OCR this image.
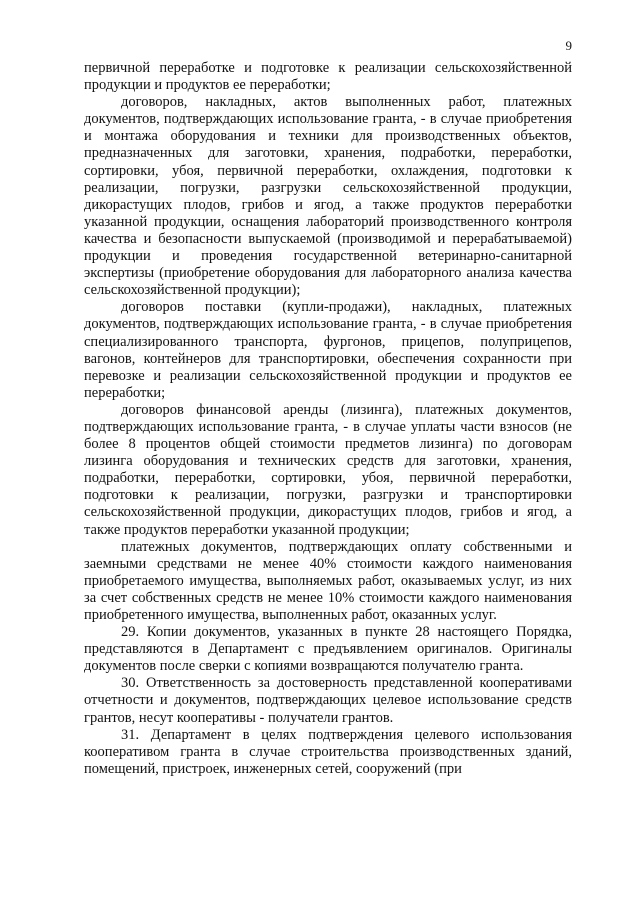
9

первичной переработке и подготовке к реализации сельскохозяйственной продукции и продуктов ее переработки;

договоров, накладных, актов выполненных работ, платежных документов, подтверждающих использование гранта, - в случае приобретения и монтажа оборудования и техники для производственных объектов, предназначенных для заготовки, хранения, подработки, переработки, сортировки, убоя, первичной переработки, охлаждения, подготовки к реализации, погрузки, разгрузки сельскохозяйственной продукции, дикорастущих плодов, грибов и ягод, а также продуктов переработки указанной продукции, оснащения лабораторий производственного контроля качества и безопасности выпускаемой (производимой и перерабатываемой) продукции и проведения государственной ветеринарно-санитарной экспертизы (приобретение оборудования для лабораторного анализа качества сельскохозяйственной продукции);

договоров поставки (купли-продажи), накладных, платежных документов, подтверждающих использование гранта, - в случае приобретения специализированного транспорта, фургонов, прицепов, полуприцепов, вагонов, контейнеров для транспортировки, обеспечения сохранности при перевозке и реализации сельскохозяйственной продукции и продуктов ее переработки;

договоров финансовой аренды (лизинга), платежных документов, подтверждающих использование гранта, - в случае уплаты части взносов (не более 8 процентов общей стоимости предметов лизинга) по договорам лизинга оборудования и технических средств для заготовки, хранения, подработки, переработки, сортировки, убоя, первичной переработки, подготовки к реализации, погрузки, разгрузки и транспортировки сельскохозяйственной продукции, дикорастущих плодов, грибов и ягод, а также продуктов переработки указанной продукции;

платежных документов, подтверждающих оплату собственными и заемными средствами не менее 40% стоимости каждого наименования приобретаемого имущества, выполняемых работ, оказываемых услуг, из них за счет собственных средств не менее 10% стоимости каждого наименования приобретенного имущества, выполненных работ, оказанных услуг.

29. Копии документов, указанных в пункте 28 настоящего Порядка, представляются в Департамент с предъявлением оригиналов. Оригиналы документов после сверки с копиями возвращаются получателю гранта.

30. Ответственность за достоверность представленной кооперативами отчетности и документов, подтверждающих целевое использование средств грантов, несут кооперативы - получатели грантов.

31. Департамент в целях подтверждения целевого использования кооперативом гранта в случае строительства производственных зданий, помещений, пристроек, инженерных сетей, сооружений (при
